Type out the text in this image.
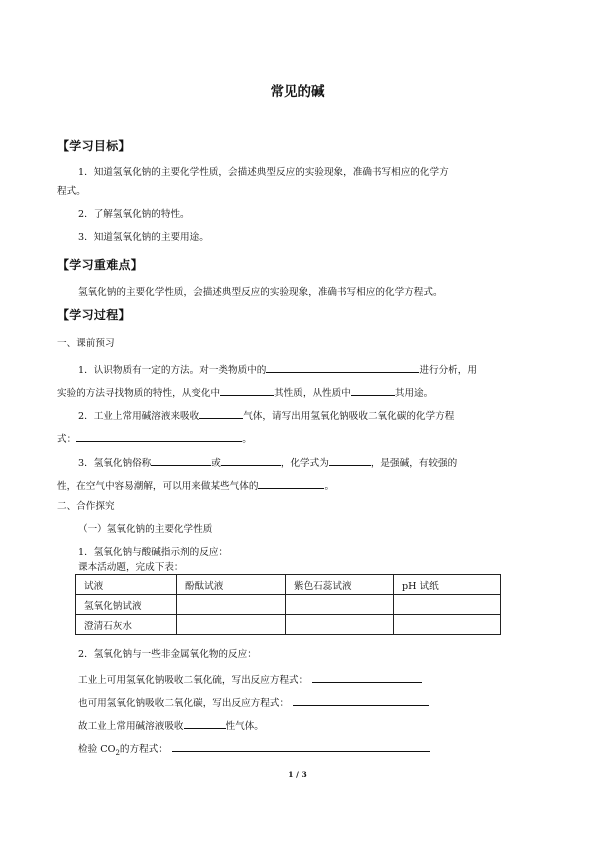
常见的碱
【学习目标】
1．知道氢氧化钠的主要化学性质，会描述典型反应的实验现象，准确书写相应的化学方
程式。
2．了解氢氧化钠的特性。
3．知道氢氧化钠的主要用途。
【学习重难点】
氢氧化钠的主要化学性质，会描述典型反应的实验现象，准确书写相应的化学方程式。
【学习过程】
一、课前预习
1．认识物质有一定的方法。对一类物质中的	进行分析，用
实验的方法寻找物质的特性，从变化中	其性质，从性质中	其用途。
2．工业上常用碱溶液来吸收	气体，请写出用氢氧化钠吸收二氧化碳的化学方程
式：	。
3．氢氧化钠俗称	或	，化学式为	，是强碱，有较强的
性，在空气中容易潮解，可以用来做某些气体的	。
二、合作探究
（一）氢氧化钠的主要化学性质
1．氢氧化钠与酸碱指示剂的反应：
课本活动题，完成下表：
试液	酚酞试液	紫色石蕊试液	pH 试纸
氢氧化钠试液			
澄清石灰水			
2．氢氧化钠与一些非金属氧化物的反应：
工业上可用氢氧化钠吸收二氧化硫，写出反应方程式：
也可用氢氧化钠吸收二氧化碳，写出反应方程式：
故工业上常用碱溶液吸收	性气体。
检验 $CO_2$的方程式：
1 / 3
